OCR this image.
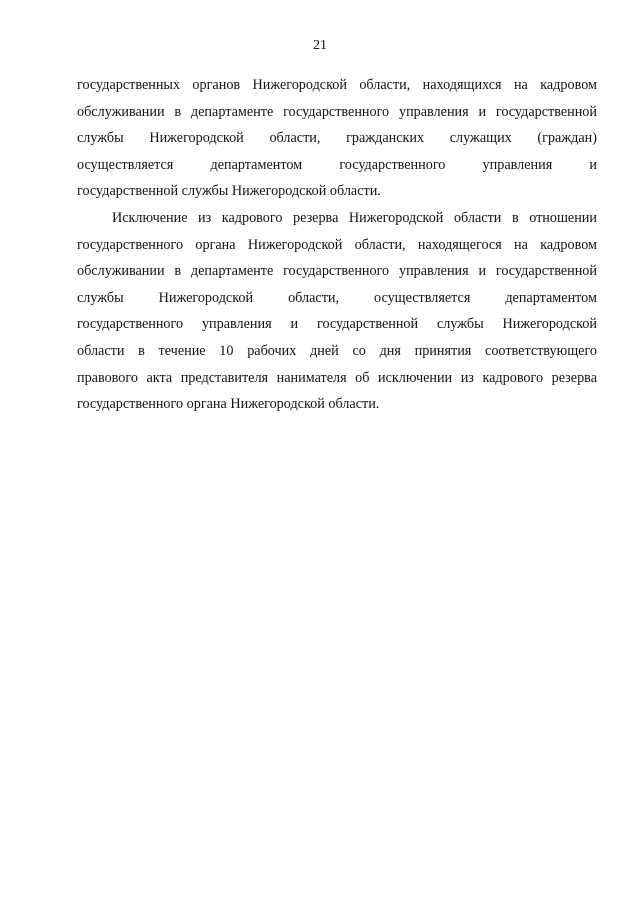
21
государственных органов Нижегородской области, находящихся на кадровом
обслуживании в департаменте государственного управления и государственной
службы Нижегородской области, гражданских служащих (граждан)
осуществляется департаментом государственного управления и
государственной службы Нижегородской области.
Исключение из кадрового резерва Нижегородской области в отношении
государственного органа Нижегородской области, находящегося на кадровом
обслуживании в департаменте государственного управления и государственной
службы Нижегородской области, осуществляется департаментом
государственного управления и государственной службы Нижегородской
области в течение 10 рабочих дней со дня принятия соответствующего
правового акта представителя нанимателя об исключении из кадрового резерва
государственного органа Нижегородской области.
